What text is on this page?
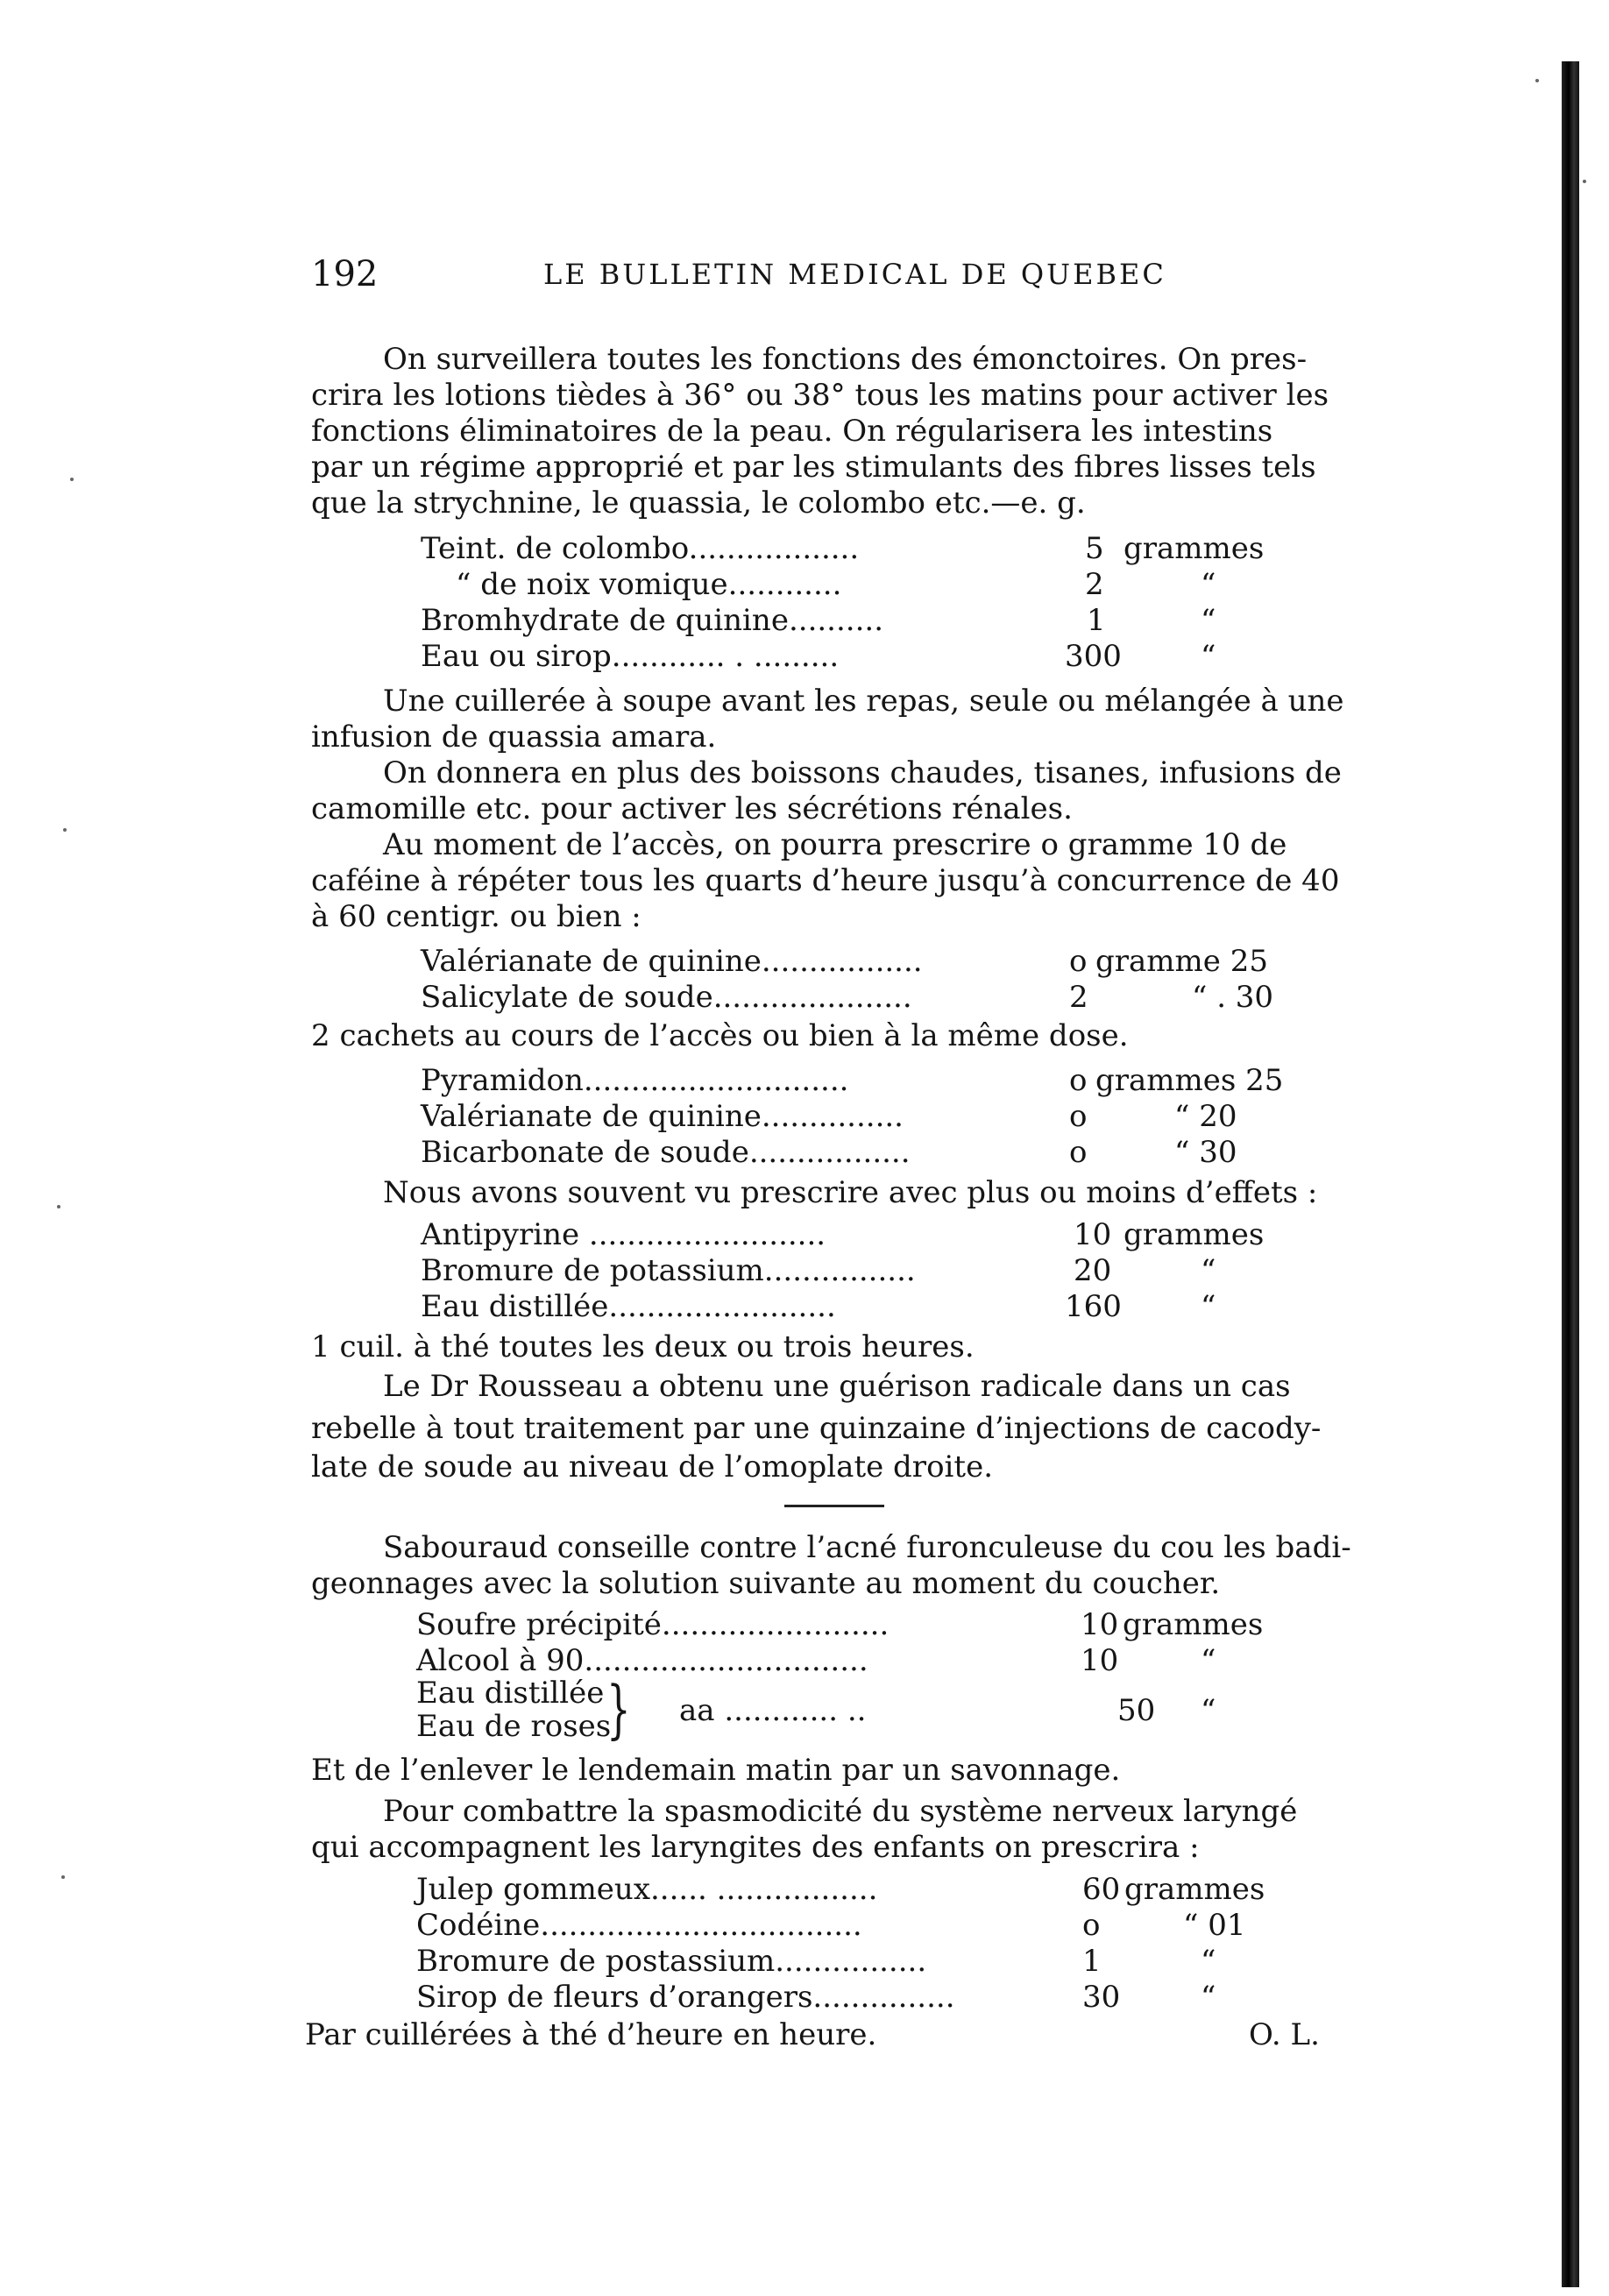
192	LE BULLETIN MEDICAL DE QUEBEC
On surveillera toutes les fonctions des émonctoires. On pres-
crira les lotions tièdes à 36° ou 38° tous les matins pour activer les
fonctions éliminatoires de la peau. On régularisera les intestins
par un régime approprié et par les stimulants des fibres lisses tels
que la strychnine, le quassia, le colombo etc.—e. g.
Teint. de colombo..................	5 grammes
“ de noix vomique............	2	“
Bromhydrate de quinine..........	1	“
Eau ou sirop............ . .........	300	“
Une cuillerée à soupe avant les repas, seule ou mélangée à une
infusion de quassia amara.
On donnera en plus des boissons chaudes, tisanes, infusions de
camomille etc. pour activer les sécrétions rénales.
Au moment de l’accès, on pourra prescrire o gramme 10 de
caféine à répéter tous les quarts d’heure jusqu’à concurrence de 40
à 60 centigr. ou bien :
Valérianate de quinine.................	o gramme 25
Salicylate de soude.....................	2	“ . 30
2 cachets au cours de l’accès ou bien à la même dose.
Pyramidon............................	o grammes 25
Valérianate de quinine...............	o	“ 20
Bicarbonate de soude.................	o	“ 30
Nous avons souvent vu prescrire avec plus ou moins d’effets :
Antipyrine .........................	10 grammes
Bromure de potassium................	20	“
Eau distillée........................	160	“
1 cuil. à thé toutes les deux ou trois heures.
Le Dr Rousseau a obtenu une guérison radicale dans un cas
rebelle à tout traitement par une quinzaine d’injections de cacody-
late de soude au niveau de l’omoplate droite.
Sabouraud conseille contre l’acné furonculeuse du cou les badi-
geonnages avec la solution suivante au moment du coucher.
Soufre précipité........................	10 grammes
Alcool à 90..............................	10	“
Eau distillée
Eau de roses
} aa ............ ..	50 “
Et de l’enlever le lendemain matin par un savonnage.
Pour combattre la spasmodicité du système nerveux laryngé
qui accompagnent les laryngites des enfants on prescrira :
Julep gommeux...... .................	60 grammes
Codéine..................................	o	“ 01
Bromure de postassium................	1	“
Sirop de fleurs d’orangers...............	30	“
Par cuillérées à thé d’heure en heure.	O. L.
